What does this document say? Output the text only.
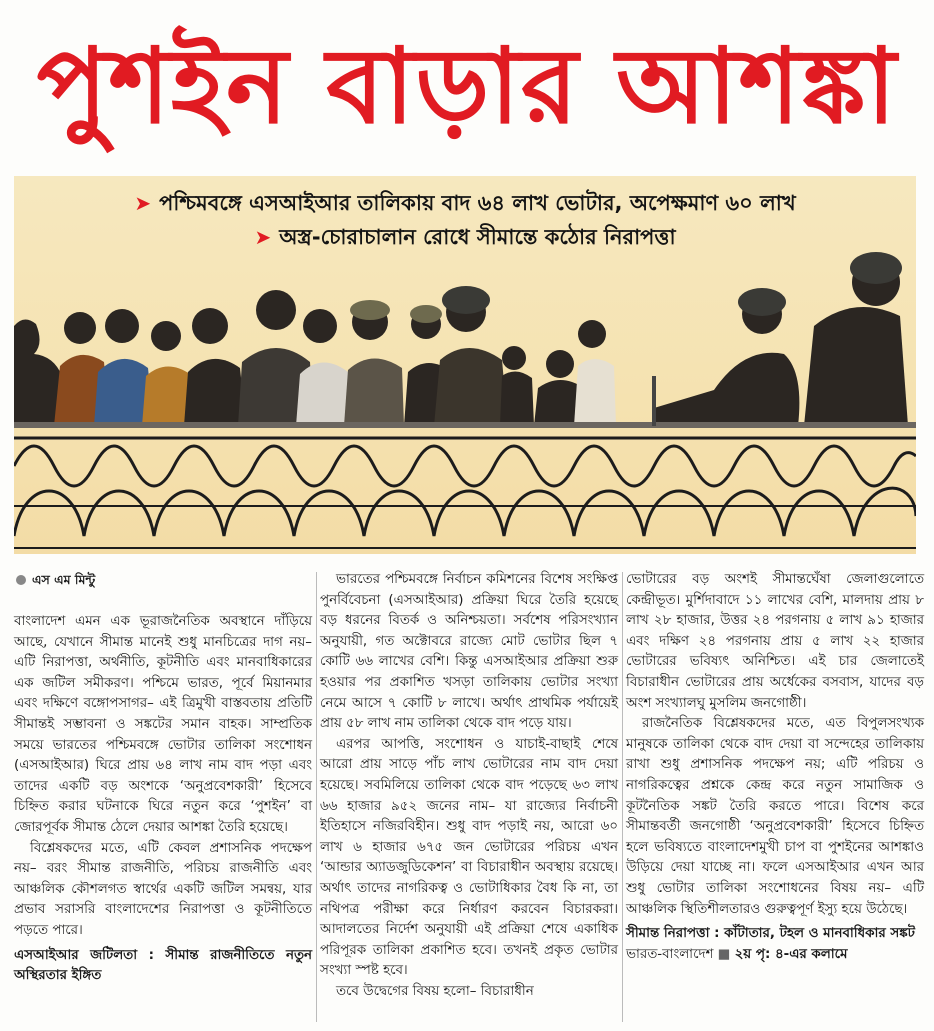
পুশইন বাড়ার আশঙ্কা
➤ পশ্চিমবঙ্গে এসআইআর তালিকায় বাদ ৬৪ লাখ ভোটার, অপেক্ষমাণ ৬০ লাখ
➤ অস্ত্র-চোরাচালান রোধে সীমান্তে কঠোর নিরাপত্তা
এস এম মিন্টু

বাংলাদেশ এমন এক ভূরাজনৈতিক অবস্থানে দাঁড়িয়ে আছে, যেখানে সীমান্ত মানেই শুধু মানচিত্রের দাগ নয়– এটি নিরাপত্তা, অর্থনীতি, কূটনীতি এবং মানবাধিকারের এক জটিল সমীকরণ। পশ্চিমে ভারত, পূর্বে মিয়ানমার এবং দক্ষিণে বঙ্গোপসাগর– এই ত্রিমুখী বাস্তবতায় প্রতিটি সীমান্তই সম্ভাবনা ও সঙ্কটের সমান বাহক। সাম্প্রতিক সময়ে ভারতের পশ্চিমবঙ্গে ভোটার তালিকা সংশোধন (এসআইআর) ঘিরে প্রায় ৬৪ লাখ নাম বাদ পড়া এবং তাদের একটি বড় অংশকে ‘অনুপ্রবেশকারী’ হিসেবে চিহ্নিত করার ঘটনাকে ঘিরে নতুন করে ‘পুশইন’ বা জোরপূর্বক সীমান্ত ঠেলে দেয়ার আশঙ্কা তৈরি হয়েছে।

বিশ্লেষকদের মতে, এটি কেবল প্রশাসনিক পদক্ষেপ নয়– বরং সীমান্ত রাজনীতি, পরিচয় রাজনীতি এবং আঞ্চলিক কৌশলগত স্বার্থের একটি জটিল সমন্বয়, যার প্রভাব সরাসরি বাংলাদেশের নিরাপত্তা ও কূটনীতিতে পড়তে পারে।

এসআইআর জটিলতা : সীমান্ত রাজনীতিতে নতুন অস্থিরতার ইঙ্গিত

ভারতের পশ্চিমবঙ্গে নির্বাচন কমিশনের বিশেষ সংক্ষিপ্ত পুনর্বিবেচনা (এসআইআর) প্রক্রিয়া ঘিরে তৈরি হয়েছে বড় ধরনের বিতর্ক ও অনিশ্চয়তা। সর্বশেষ পরিসংখ্যান অনুযায়ী, গত অক্টোবরে রাজ্যে মোট ভোটার ছিল ৭ কোটি ৬৬ লাখের বেশি। কিন্তু এসআইআর প্রক্রিয়া শুরু হওয়ার পর প্রকাশিত খসড়া তালিকায় ভোটার সংখ্যা নেমে আসে ৭ কোটি ৮ লাখে। অর্থাৎ প্রাথমিক পর্যায়েই প্রায় ৫৮ লাখ নাম তালিকা থেকে বাদ পড়ে যায়।

এরপর আপত্তি, সংশোধন ও যাচাই-বাছাই শেষে আরো প্রায় সাড়ে পাঁচ লাখ ভোটারের নাম বাদ দেয়া হয়েছে। সবমিলিয়ে তালিকা থেকে বাদ পড়েছে ৬৩ লাখ ৬৬ হাজার ৯৫২ জনের নাম– যা রাজ্যের নির্বাচনী ইতিহাসে নজিরবিহীন। শুধু বাদ পড়াই নয়, আরো ৬০ লাখ ৬ হাজার ৬৭৫ জন ভোটারের পরিচয় এখন ‘আন্ডার অ্যাডজুডিকেশন’ বা বিচারাধীন অবস্থায় রয়েছে। অর্থাৎ তাদের নাগরিকত্ব ও ভোটাধিকার বৈধ কি না, তা নথিপত্র পরীক্ষা করে নির্ধারণ করবেন বিচারকরা। আদালতের নির্দেশ অনুযায়ী এই প্রক্রিয়া শেষে একাধিক পরিপূরক তালিকা প্রকাশিত হবে। তখনই প্রকৃত ভোটার সংখ্যা স্পষ্ট হবে।

তবে উদ্বেগের বিষয় হলো– বিচারাধীন

ভোটারের বড় অংশই সীমান্তঘেঁষা জেলাগুলোতে কেন্দ্রীভূত। মুর্শিদাবাদে ১১ লাখের বেশি, মালদায় প্রায় ৮ লাখ ২৮ হাজার, উত্তর ২৪ পরগনায় ৫ লাখ ৯১ হাজার এবং দক্ষিণ ২৪ পরগনায় প্রায় ৫ লাখ ২২ হাজার ভোটারের ভবিষ্যৎ অনিশ্চিত। এই চার জেলাতেই বিচারাধীন ভোটারের প্রায় অর্ধেকের বসবাস, যাদের বড় অংশ সংখ্যালঘু মুসলিম জনগোষ্ঠী।

রাজনৈতিক বিশ্লেষকদের মতে, এত বিপুলসংখ্যক মানুষকে তালিকা থেকে বাদ দেয়া বা সন্দেহের তালিকায় রাখা শুধু প্রশাসনিক পদক্ষেপ নয়; এটি পরিচয় ও নাগরিকত্বের প্রশ্নকে কেন্দ্র করে নতুন সামাজিক ও কূটনৈতিক সঙ্কট তৈরি করতে পারে। বিশেষ করে সীমান্তবর্তী জনগোষ্ঠী ‘অনুপ্রবেশকারী’ হিসেবে চিহ্নিত হলে ভবিষ্যতে বাংলাদেশমুখী চাপ বা পুশইনের আশঙ্কাও উড়িয়ে দেয়া যাচ্ছে না। ফলে এসআইআর এখন আর শুধু ভোটার তালিকা সংশোধনের বিষয় নয়– এটি আঞ্চলিক স্থিতিশীলতারও গুরুত্বপূর্ণ ইস্যু হয়ে উঠেছে।

সীমান্ত নিরাপত্তা : কাঁটাতার, টহল ও মানবাধিকার সঙ্কট

ভারত-বাংলাদেশ ■ ২য় পৃ: ৪-এর কলামে
